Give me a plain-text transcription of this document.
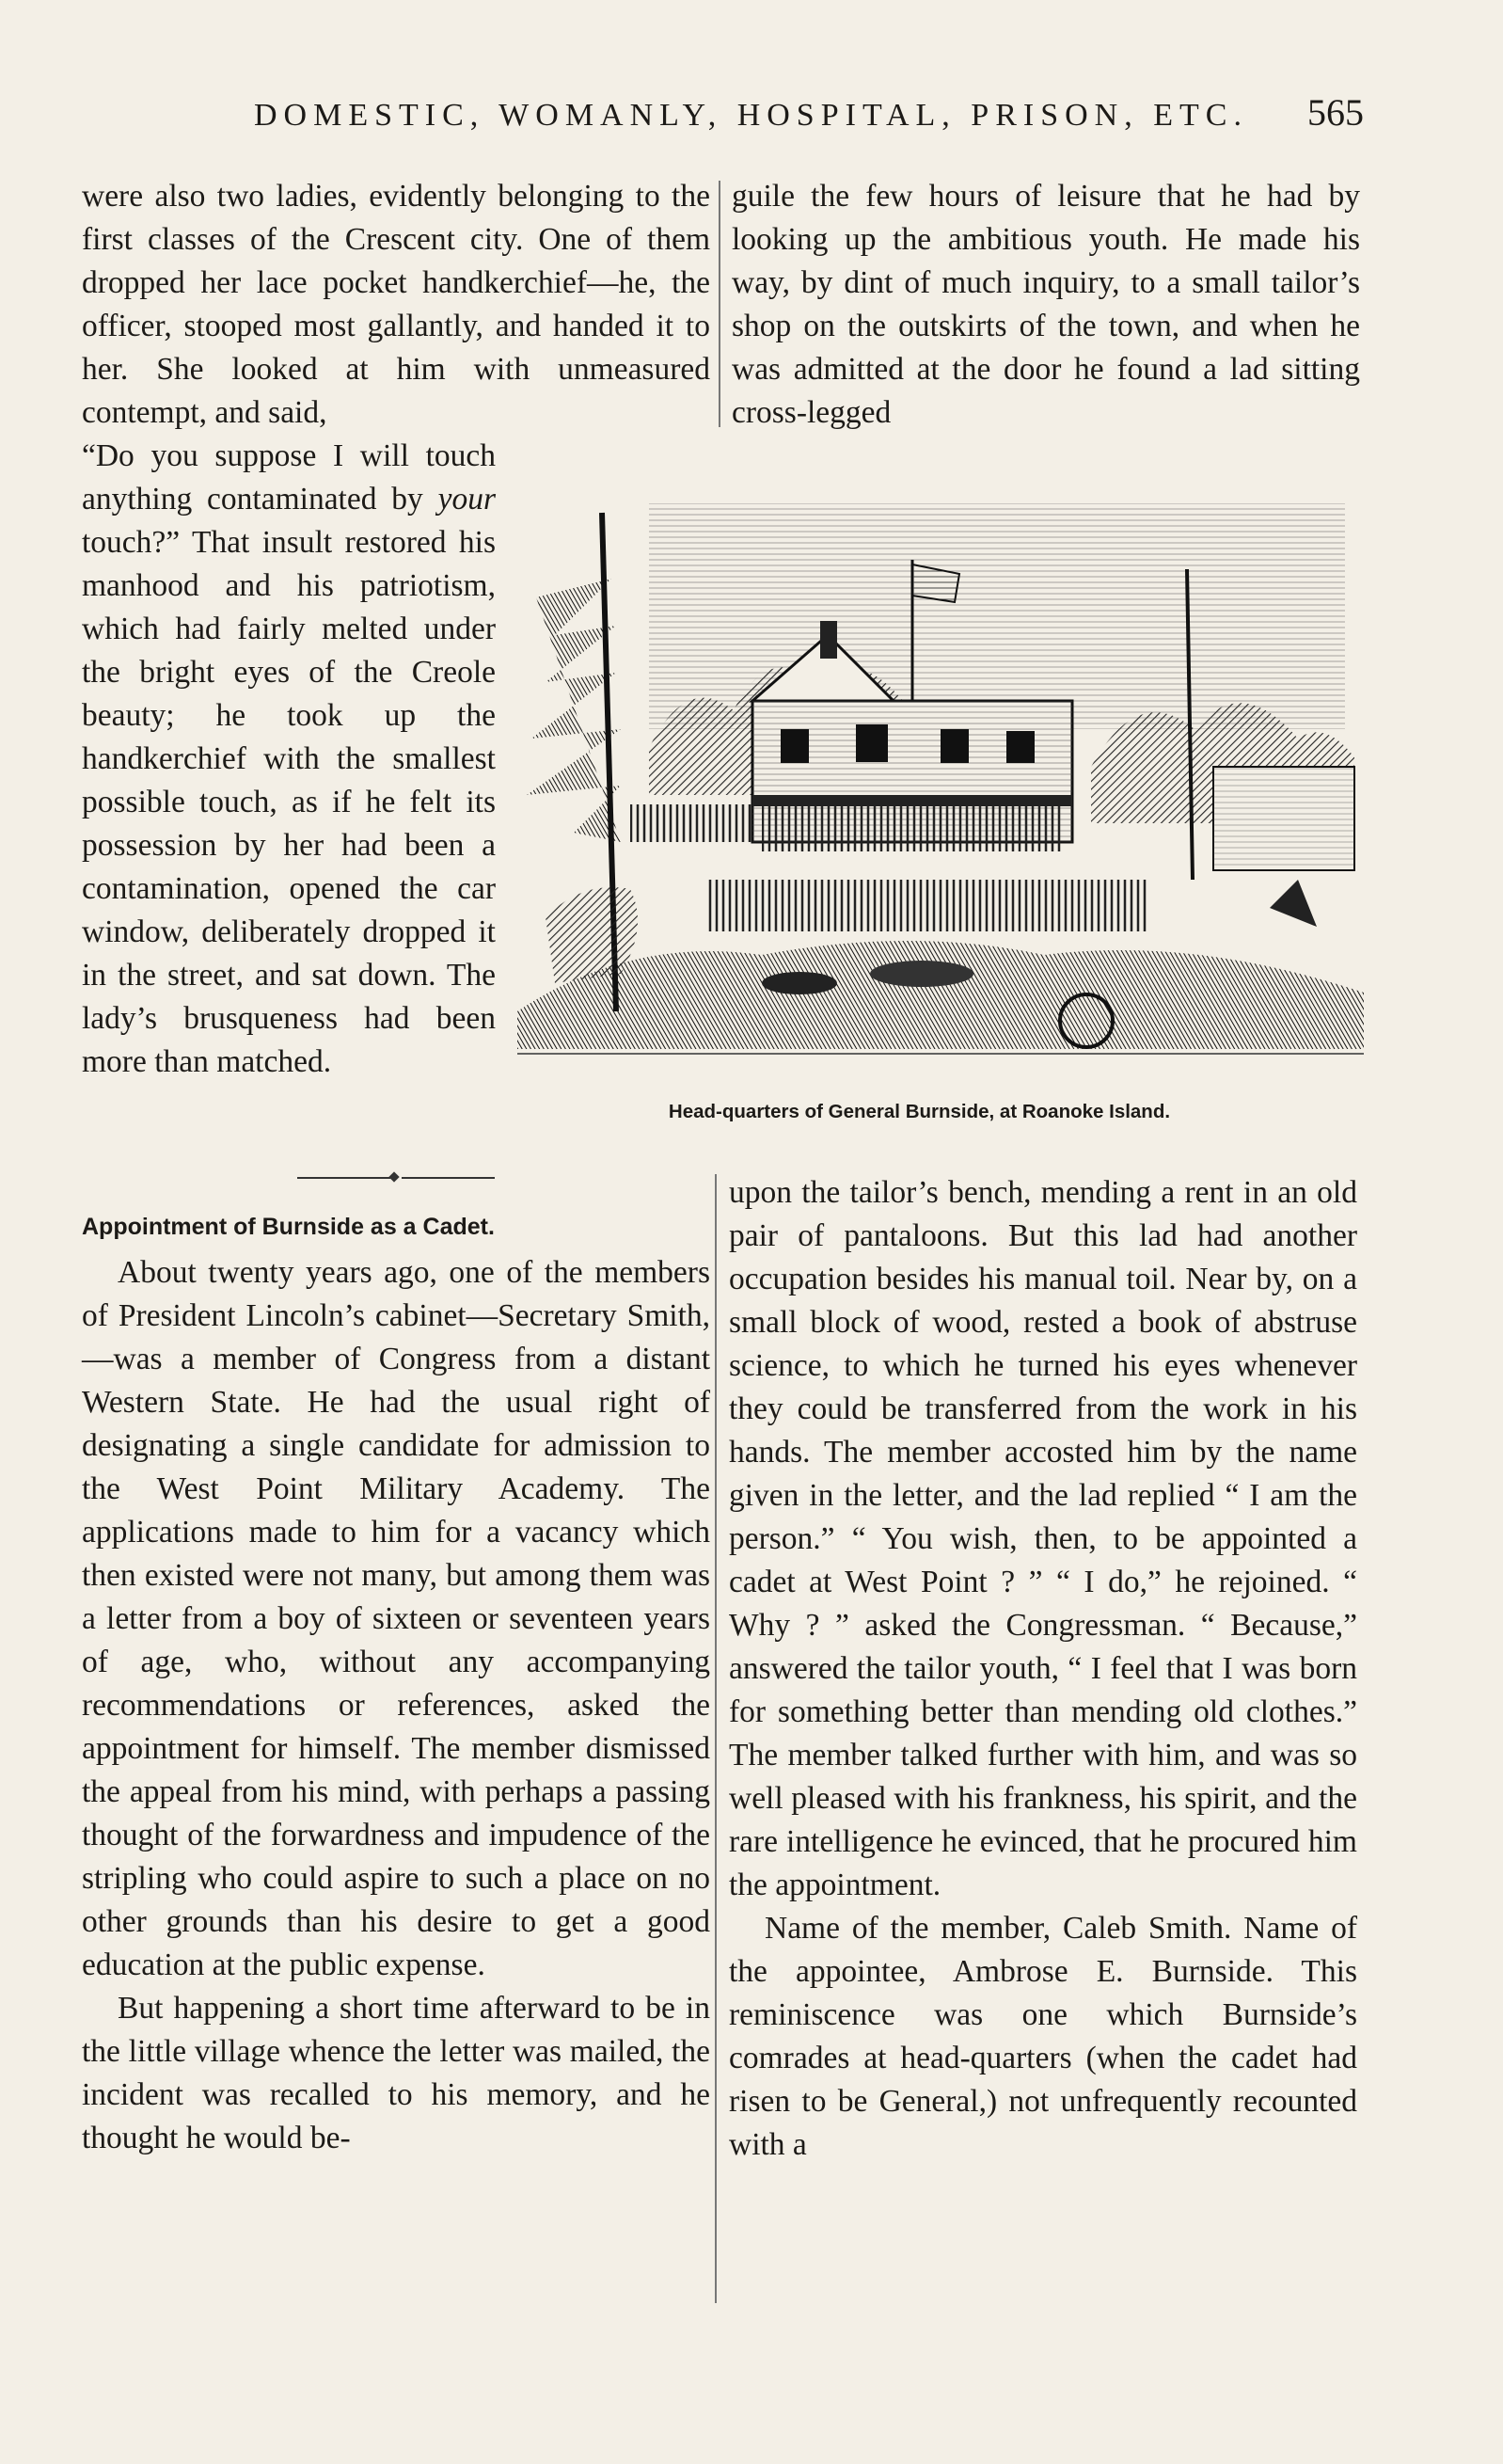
DOMESTIC, WOMANLY, HOSPITAL, PRISON, ETC. 565

were also two ladies, evidently belonging to the first classes of the Crescent city. One of them dropped her lace pocket handkerchief—he, the officer, stooped most gallantly, and handed it to her. She looked at him with unmeasured contempt, and said,

guile the few hours of leisure that he had by looking up the ambitious youth. He made his way, by dint of much inquiry, to a small tailor’s shop on the outskirts of the town, and when he was admitted at the door he found a lad sitting cross-legged

“Do you suppose I will touch anything contaminated by your touch?” That insult restored his manhood and his patriotism, which had fairly melted under the bright eyes of the Creole beauty; he took up the handkerchief with the smallest possible touch, as if he felt its possession by her had been a contamination, opened the car window, deliberately dropped it in the street, and sat down. The lady’s brusqueness had been more than matched.

Head-quarters of General Burnside, at Roanoke Island.
Appointment of Burnside as a Cadet.

About twenty years ago, one of the members of President Lincoln’s cabinet—Secretary Smith,—was a member of Congress from a distant Western State. He had the usual right of designating a single candidate for admission to the West Point Military Academy. The applications made to him for a vacancy which then existed were not many, but among them was a letter from a boy of sixteen or seventeen years of age, who, without any accompanying recommendations or references, asked the appointment for himself. The member dismissed the appeal from his mind, with perhaps a passing thought of the forwardness and impudence of the stripling who could aspire to such a place on no other grounds than his desire to get a good education at the public expense.

But happening a short time afterward to be in the little village whence the letter was mailed, the incident was recalled to his memory, and he thought he would be-

upon the tailor’s bench, mending a rent in an old pair of pantaloons. But this lad had another occupation besides his manual toil. Near by, on a small block of wood, rested a book of abstruse science, to which he turned his eyes whenever they could be transferred from the work in his hands. The member accosted him by the name given in the letter, and the lad replied “ I am the person.” “ You wish, then, to be appointed a cadet at West Point ? ” “ I do,” he rejoined. “ Why ? ” asked the Congressman. “ Because,” answered the tailor youth, “ I feel that I was born for something better than mending old clothes.” The member talked further with him, and was so well pleased with his frankness, his spirit, and the rare intelligence he evinced, that he procured him the appointment.

Name of the member, Caleb Smith. Name of the appointee, Ambrose E. Burnside. This reminiscence was one which Burnside’s comrades at head-quarters (when the cadet had risen to be General,) not unfrequently recounted with a
